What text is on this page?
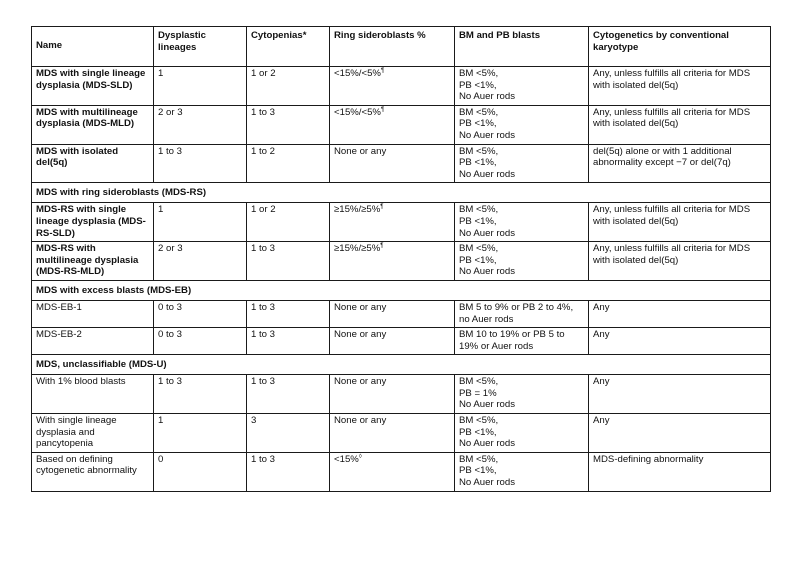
Name	Dysplastic lineages	Cytopenias*	Ring sideroblasts %	BM and PB blasts	Cytogenetics by conventional karyotype
MDS with single lineage dysplasia (MDS-SLD)	1	1 or 2	<15%/<5%¶	BM <5%,
PB <1%,
No Auer rods	Any, unless fulfills all criteria for MDS with isolated del(5q)
MDS with multilineage dysplasia (MDS-MLD)	2 or 3	1 to 3	<15%/<5%¶	BM <5%,
PB <1%,
No Auer rods	Any, unless fulfills all criteria for MDS with isolated del(5q)
MDS with isolated del(5q)	1 to 3	1 to 2	None or any	BM <5%,
PB <1%,
No Auer rods	del(5q) alone or with 1 additional abnormality except −7 or del(7q)
MDS with ring sideroblasts (MDS-RS)					
MDS-RS with single lineage dysplasia (MDS-RS-SLD)	1	1 or 2	≥15%/≥5%¶	BM <5%,
PB <1%,
No Auer rods	Any, unless fulfills all criteria for MDS with isolated del(5q)
MDS-RS with multilineage dysplasia (MDS-RS-MLD)	2 or 3	1 to 3	≥15%/≥5%¶	BM <5%,
PB <1%,
No Auer rods	Any, unless fulfills all criteria for MDS with isolated del(5q)
MDS with excess blasts (MDS-EB)					
MDS-EB-1	0 to 3	1 to 3	None or any	BM 5 to 9% or PB 2 to 4%, no Auer rods	Any
MDS-EB-2	0 to 3	1 to 3	None or any	BM 10 to 19% or PB 5 to 19% or Auer rods	Any
MDS, unclassifiable (MDS-U)					
With 1% blood blasts	1 to 3	1 to 3	None or any	BM <5%,
PB = 1%
No Auer rods	Any
With single lineage dysplasia and pancytopenia	1	3	None or any	BM <5%,
PB <1%,
No Auer rods	Any
Based on defining cytogenetic abnormality	0	1 to 3	<15%◊	BM <5%,
PB <1%,
No Auer rods	MDS-defining abnormality
